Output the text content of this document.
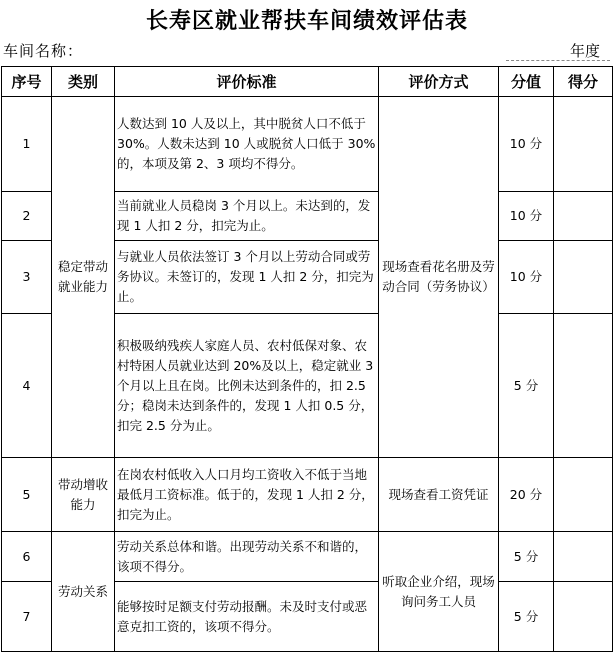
长寿区就业帮扶车间绩效评估表
车间名称：	年度
序号	类别	评价标准	评价方式	分值	得分
1	稳定带动就业能力	人数达到 10 人及以上，其中脱贫人口不低于 30%。人数未达到 10 人或脱贫人口低于 30%的，本项及第 2、3 项均不得分。	现场查看花名册及劳动合同（劳务协议）	10 分	
2		当前就业人员稳岗 3 个月以上。未达到的，发现 1 人扣 2 分，扣完为止。		10 分	
3		与就业人员依法签订 3 个月以上劳动合同或劳务协议。未签订的，发现 1 人扣 2 分，扣完为止。		10 分	
4		积极吸纳残疾人家庭人员、农村低保对象、农村特困人员就业达到 20%及以上，稳定就业 3 个月以上且在岗。比例未达到条件的，扣 2.5 分；稳岗未达到条件的，发现 1 人扣 0.5 分，扣完 2.5 分为止。		5 分	
5	带动增收能力	在岗农村低收入人口月均工资收入不低于当地最低月工资标准。低于的，发现 1 人扣 2 分，扣完为止。	现场查看工资凭证	20 分	
6	劳动关系	劳动关系总体和谐。出现劳动关系不和谐的，该项不得分。	听取企业介绍，现场询问务工人员	5 分	
7		能够按时足额支付劳动报酬。未及时支付或恶意克扣工资的，该项不得分。		5 分	
